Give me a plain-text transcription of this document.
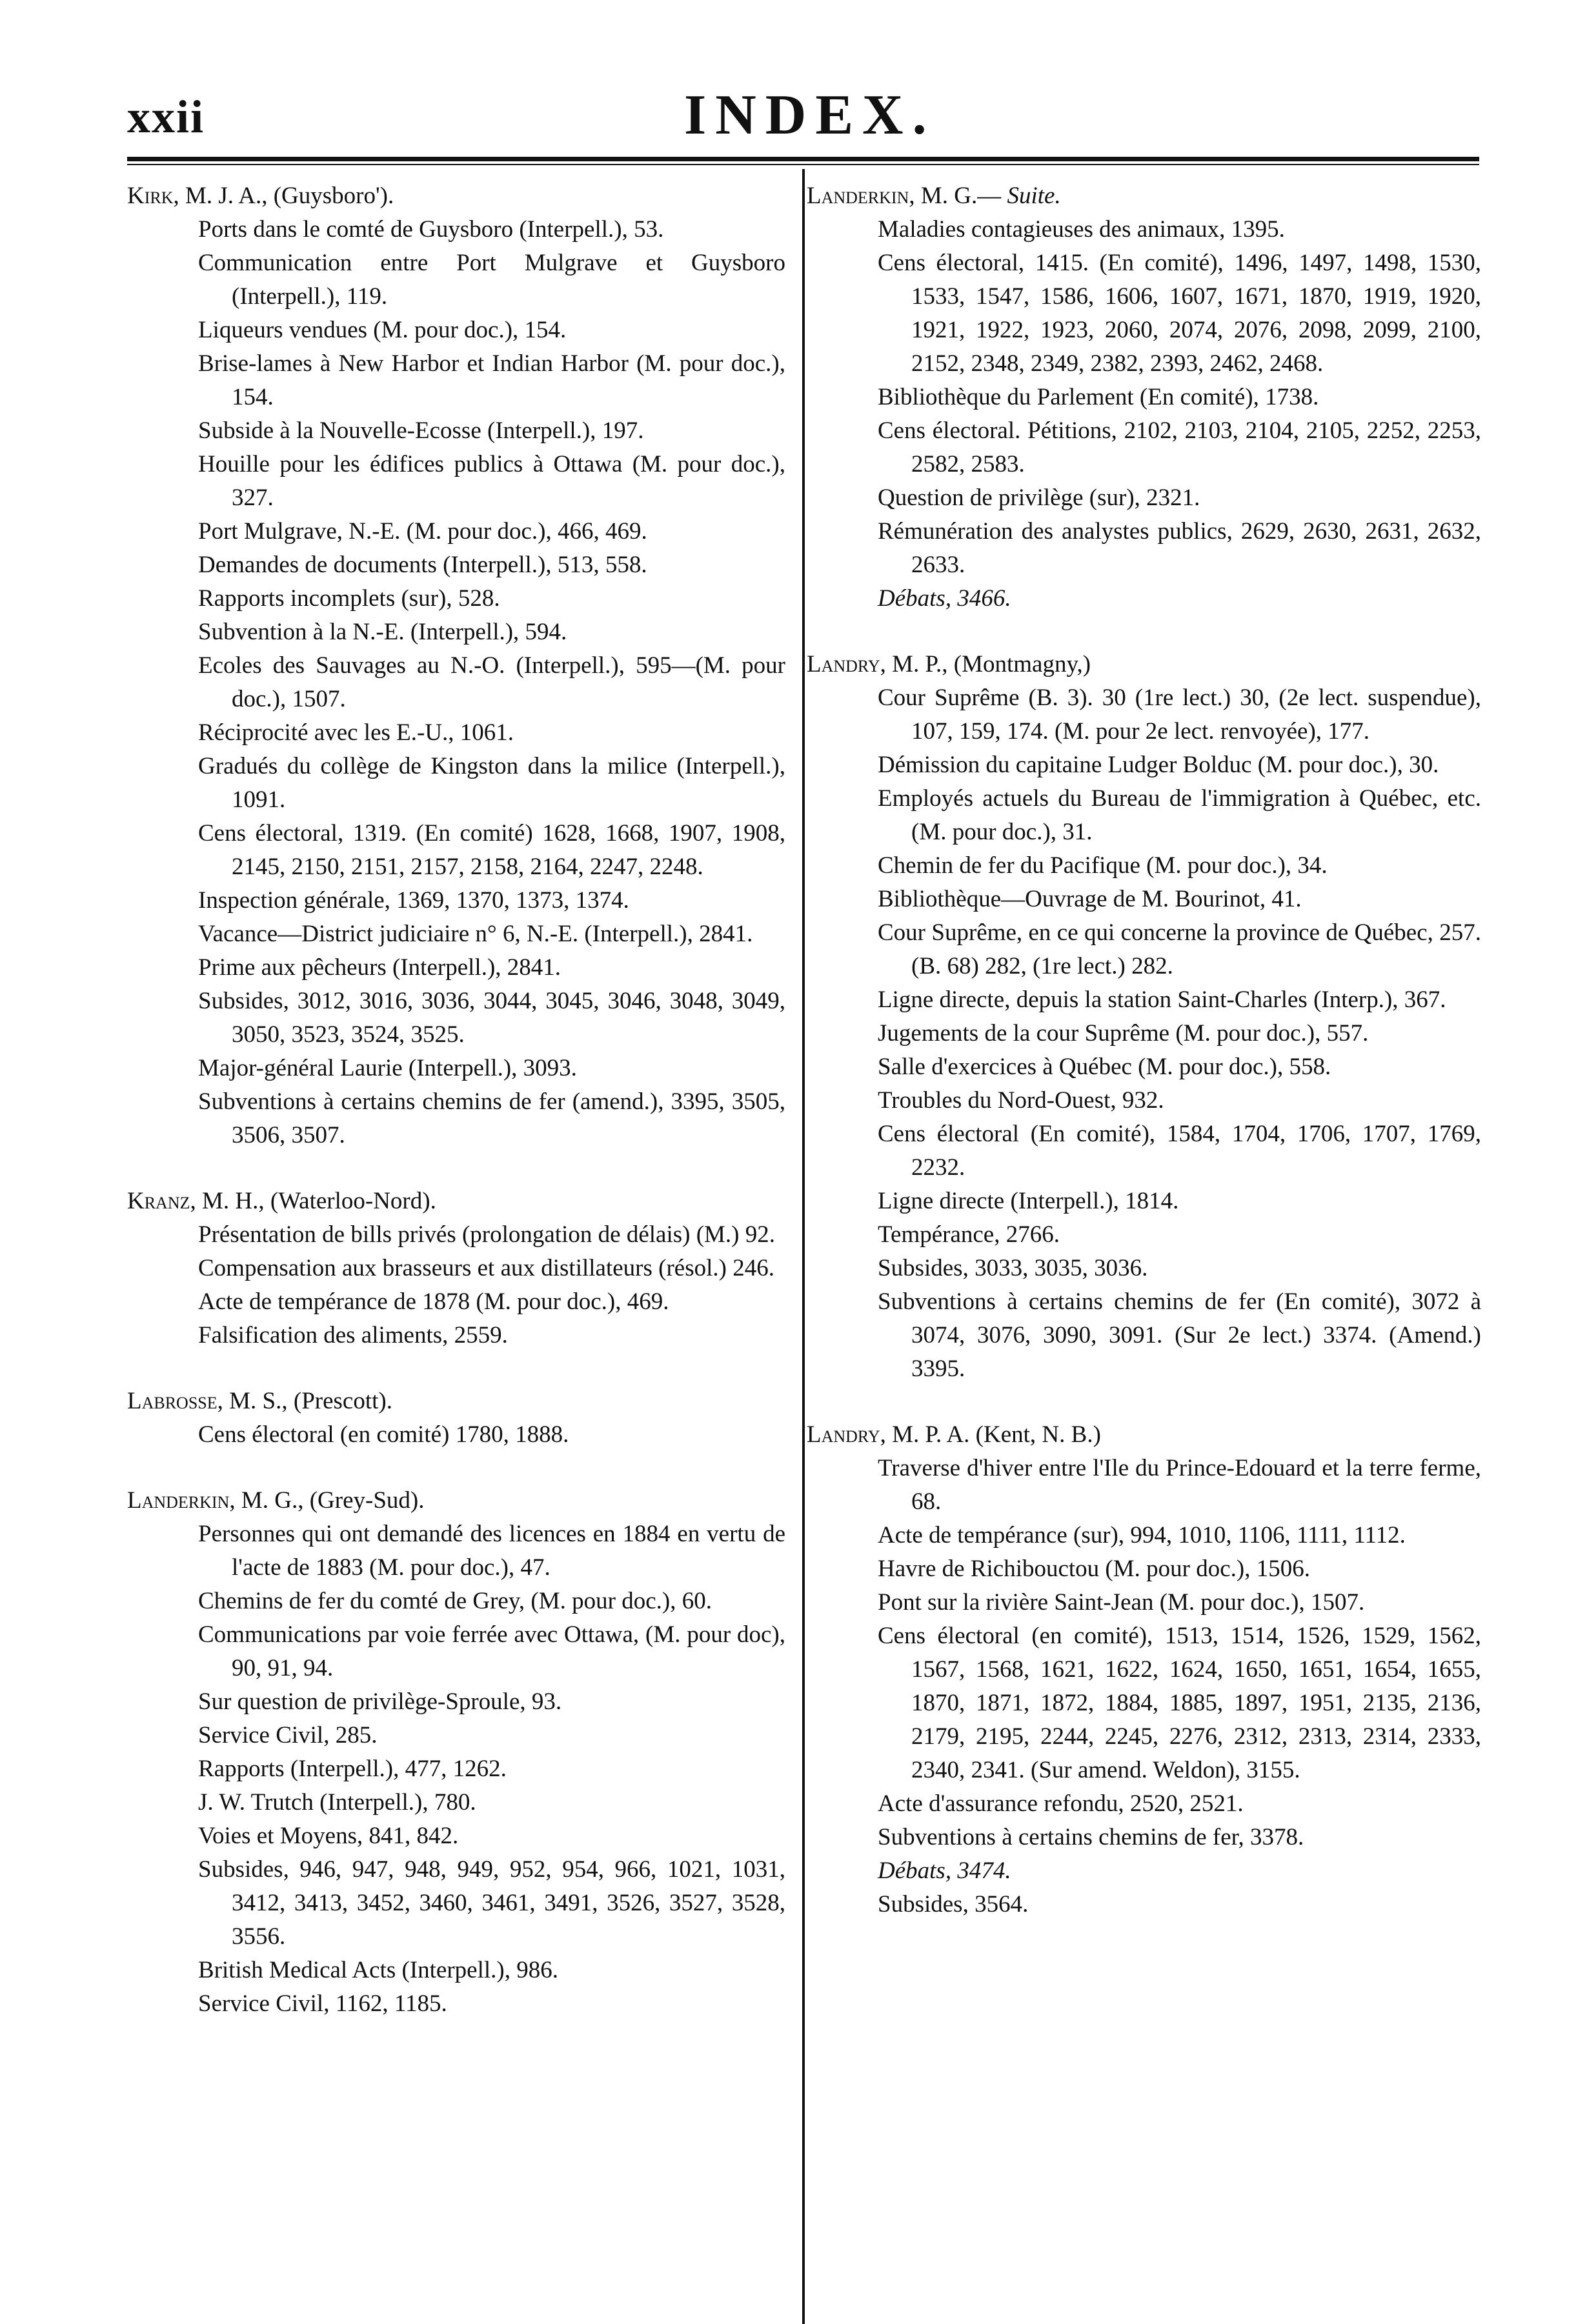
xxii	INDEX.
Kirk, M. J. A., (Guysboro').
Ports dans le comté de Guysboro (Interpell.), 53.
Communication entre Port Mulgrave et Guysboro (Interpell.), 119.
Liqueurs vendues (M. pour doc.), 154.
Brise-lames à New Harbor et Indian Harbor (M. pour doc.), 154.
Subside à la Nouvelle-Ecosse (Interpell.), 197.
Houille pour les édifices publics à Ottawa (M. pour doc.), 327.
Port Mulgrave, N.-E. (M. pour doc.), 466, 469.
Demandes de documents (Interpell.), 513, 558.
Rapports incomplets (sur), 528.
Subvention à la N.-E. (Interpell.), 594.
Ecoles des Sauvages au N.-O. (Interpell.), 595—(M. pour doc.), 1507.
Réciprocité avec les E.-U., 1061.
Gradués du collège de Kingston dans la milice (Interpell.), 1091.
Cens électoral, 1319. (En comité) 1628, 1668, 1907, 1908, 2145, 2150, 2151, 2157, 2158, 2164, 2247, 2248.
Inspection générale, 1369, 1370, 1373, 1374.
Vacance—District judiciaire n° 6, N.-E. (Interpell.), 2841.
Prime aux pêcheurs (Interpell.), 2841.
Subsides, 3012, 3016, 3036, 3044, 3045, 3046, 3048, 3049, 3050, 3523, 3524, 3525.
Major-général Laurie (Interpell.), 3093.
Subventions à certains chemins de fer (amend.), 3395, 3505, 3506, 3507.
Kranz, M. H., (Waterloo-Nord).
Présentation de bills privés (prolongation de délais) (M.) 92.
Compensation aux brasseurs et aux distillateurs (résol.) 246.
Acte de tempérance de 1878 (M. pour doc.), 469.
Falsification des aliments, 2559.
Labrosse, M. S., (Prescott).
Cens électoral (en comité) 1780, 1888.
Landerkin, M. G., (Grey-Sud).
Personnes qui ont demandé des licences en 1884 en vertu de l'acte de 1883 (M. pour doc.), 47.
Chemins de fer du comté de Grey, (M. pour doc.), 60.
Communications par voie ferrée avec Ottawa, (M. pour doc), 90, 91, 94.
Sur question de privilège-Sproule, 93.
Service Civil, 285.
Rapports (Interpell.), 477, 1262.
J. W. Trutch (Interpell.), 780.
Voies et Moyens, 841, 842.
Subsides, 946, 947, 948, 949, 952, 954, 966, 1021, 1031, 3412, 3413, 3452, 3460, 3461, 3491, 3526, 3527, 3528, 3556.
British Medical Acts (Interpell.), 986.
Service Civil, 1162, 1185.
Landerkin, M. G.— Suite.
Maladies contagieuses des animaux, 1395.
Cens électoral, 1415. (En comité), 1496, 1497, 1498, 1530, 1533, 1547, 1586, 1606, 1607, 1671, 1870, 1919, 1920, 1921, 1922, 1923, 2060, 2074, 2076, 2098, 2099, 2100, 2152, 2348, 2349, 2382, 2393, 2462, 2468.
Bibliothèque du Parlement (En comité), 1738.
Cens électoral. Pétitions, 2102, 2103, 2104, 2105, 2252, 2253, 2582, 2583.
Question de privilège (sur), 2321.
Rémunération des analystes publics, 2629, 2630, 2631, 2632, 2633.
Débats, 3466.
Landry, M. P., (Montmagny,)
Cour Suprême (B. 3). 30 (1re lect.) 30, (2e lect. suspendue), 107, 159, 174. (M. pour 2e lect. renvoyée), 177.
Démission du capitaine Ludger Bolduc (M. pour doc.), 30.
Employés actuels du Bureau de l'immigration à Québec, etc. (M. pour doc.), 31.
Chemin de fer du Pacifique (M. pour doc.), 34.
Bibliothèque—Ouvrage de M. Bourinot, 41.
Cour Suprême, en ce qui concerne la province de Québec, 257. (B. 68) 282, (1re lect.) 282.
Ligne directe, depuis la station Saint-Charles (Interp.), 367.
Jugements de la cour Suprême (M. pour doc.), 557.
Salle d'exercices à Québec (M. pour doc.), 558.
Troubles du Nord-Ouest, 932.
Cens électoral (En comité), 1584, 1704, 1706, 1707, 1769, 2232.
Ligne directe (Interpell.), 1814.
Tempérance, 2766.
Subsides, 3033, 3035, 3036.
Subventions à certains chemins de fer (En comité), 3072 à 3074, 3076, 3090, 3091. (Sur 2e lect.) 3374. (Amend.) 3395.
Landry, M. P. A. (Kent, N. B.)
Traverse d'hiver entre l'Ile du Prince-Edouard et la terre ferme, 68.
Acte de tempérance (sur), 994, 1010, 1106, 1111, 1112.
Havre de Richibouctou (M. pour doc.), 1506.
Pont sur la rivière Saint-Jean (M. pour doc.), 1507.
Cens électoral (en comité), 1513, 1514, 1526, 1529, 1562, 1567, 1568, 1621, 1622, 1624, 1650, 1651, 1654, 1655, 1870, 1871, 1872, 1884, 1885, 1897, 1951, 2135, 2136, 2179, 2195, 2244, 2245, 2276, 2312, 2313, 2314, 2333, 2340, 2341. (Sur amend. Weldon), 3155.
Acte d'assurance refondu, 2520, 2521.
Subventions à certains chemins de fer, 3378.
Débats, 3474.
Subsides, 3564.
